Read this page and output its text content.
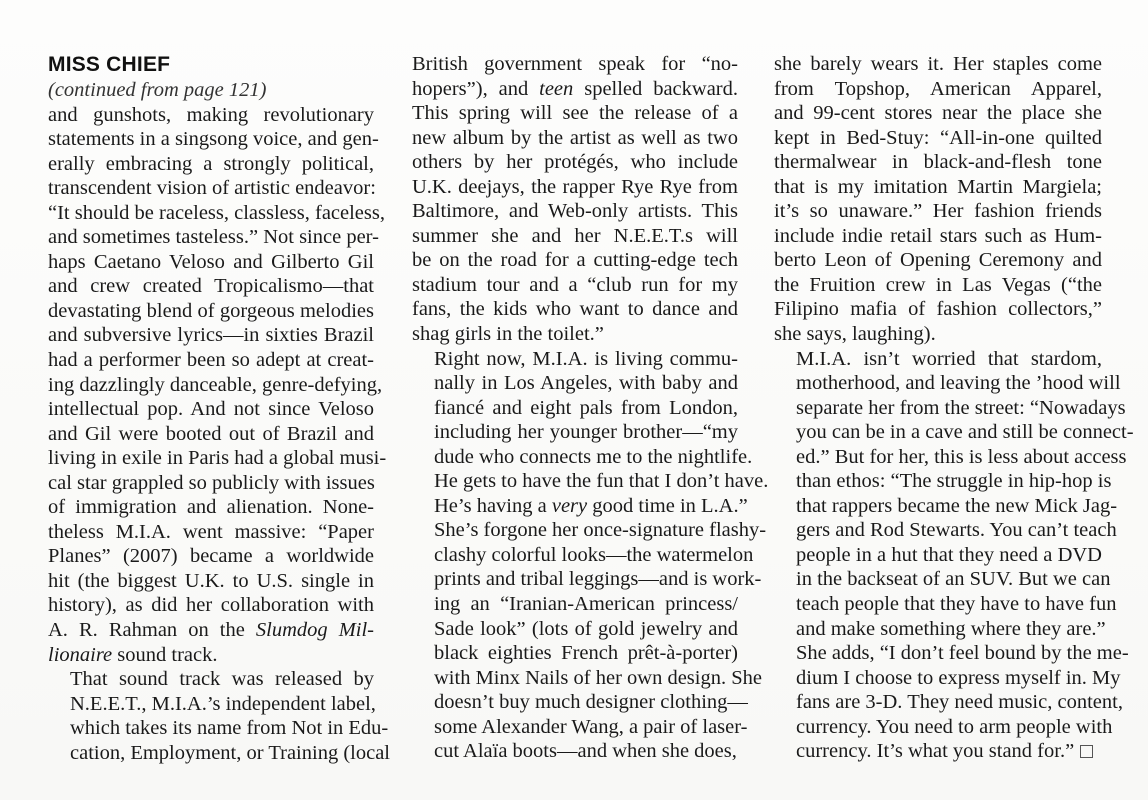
MISS CHIEF

(continued from page 121)

and gunshots, making revolutionary
statements in a singsong voice, and gen-
erally embracing a strongly political,
transcendent vision of artistic endeavor:
“It should be raceless, classless, faceless,
and sometimes tasteless.” Not since per-
haps Caetano Veloso and Gilberto Gil
and crew created Tropicalismo—that
devastating blend of gorgeous melodies
and subversive lyrics—in sixties Brazil
had a performer been so adept at creat-
ing dazzlingly danceable, genre-defying,
intellectual pop. And not since Veloso
and Gil were booted out of Brazil and
living in exile in Paris had a global musi-
cal star grappled so publicly with issues
of immigration and alienation. None-
theless M.I.A. went massive: “Paper
Planes” (2007) became a worldwide
hit (the biggest U.K. to U.S. single in
history), as did her collaboration with
A. R. Rahman on the Slumdog Mil-
lionaire sound track.

That sound track was released by
N.E.E.T., M.I.A.’s independent label,
which takes its name from Not in Edu-
cation, Employment, or Training (local

British government speak for “no-
hopers”), and teen spelled backward.
This spring will see the release of a
new album by the artist as well as two
others by her protégés, who include
U.K. deejays, the rapper Rye Rye from
Baltimore, and Web-only artists. This
summer she and her N.E.E.T.s will
be on the road for a cutting-edge tech
stadium tour and a “club run for my
fans, the kids who want to dance and
shag girls in the toilet.”

Right now, M.I.A. is living commu-
nally in Los Angeles, with baby and
fiancé and eight pals from London,
including her younger brother—“my
dude who connects me to the nightlife.
He gets to have the fun that I don’t have.
He’s having a very good time in L.A.”
She’s forgone her once-signature flashy-
clashy colorful looks—the watermelon
prints and tribal leggings—and is work-
ing an “Iranian-American princess/
Sade look” (lots of gold jewelry and
black eighties French prêt-à-porter)
with Minx Nails of her own design. She
doesn’t buy much designer clothing—
some Alexander Wang, a pair of laser-
cut Alaïa boots—and when she does,

she barely wears it. Her staples come
from Topshop, American Apparel,
and 99-cent stores near the place she
kept in Bed-Stuy: “All-in-one quilted
thermalwear in black-and-flesh tone
that is my imitation Martin Margiela;
it’s so unaware.” Her fashion friends
include indie retail stars such as Hum-
berto Leon of Opening Ceremony and
the Fruition crew in Las Vegas (“the
Filipino mafia of fashion collectors,”
she says, laughing).

M.I.A. isn’t worried that stardom,
motherhood, and leaving the ’hood will
separate her from the street: “Nowadays
you can be in a cave and still be connect-
ed.” But for her, this is less about access
than ethos: “The struggle in hip-hop is
that rappers became the new Mick Jag-
gers and Rod Stewarts. You can’t teach
people in a hut that they need a DVD
in the backseat of an SUV. But we can
teach people that they have to have fun
and make something where they are.”
She adds, “I don’t feel bound by the me-
dium I choose to express myself in. My
fans are 3-D. They need music, content,
currency. You need to arm people with
currency. It’s what you stand for.”
